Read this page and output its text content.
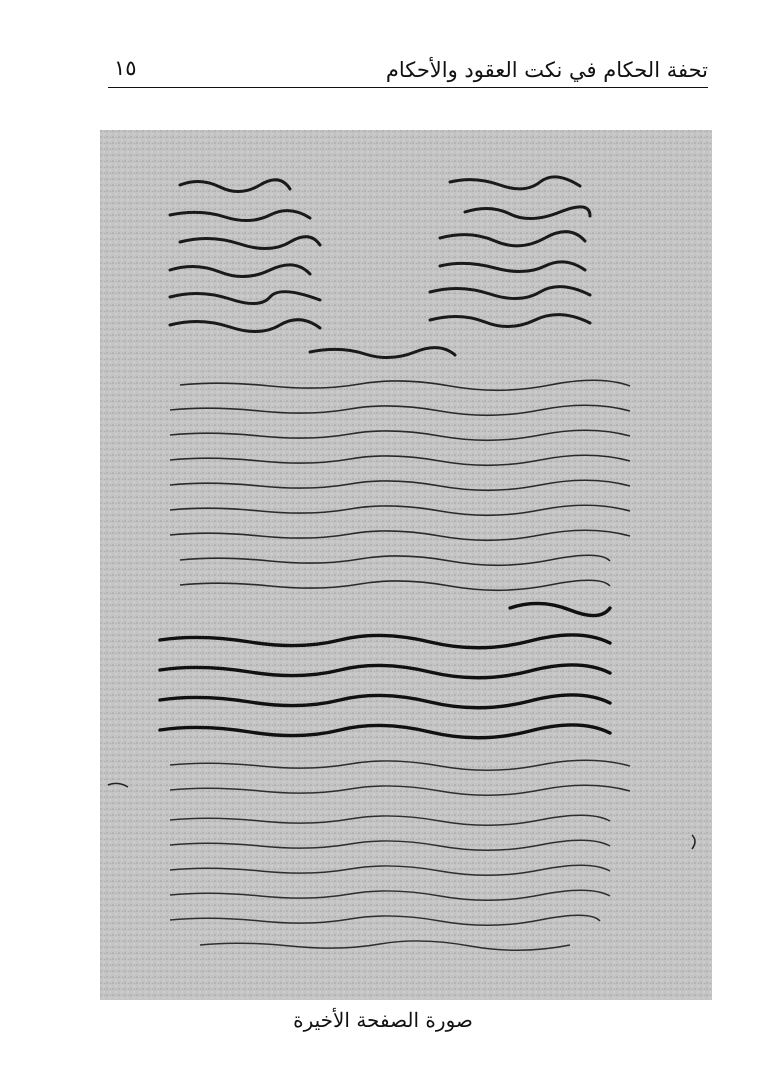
تحفة الحكام في نكت العقود والأحكام
١٥
صورة الصفحة الأخيرة
